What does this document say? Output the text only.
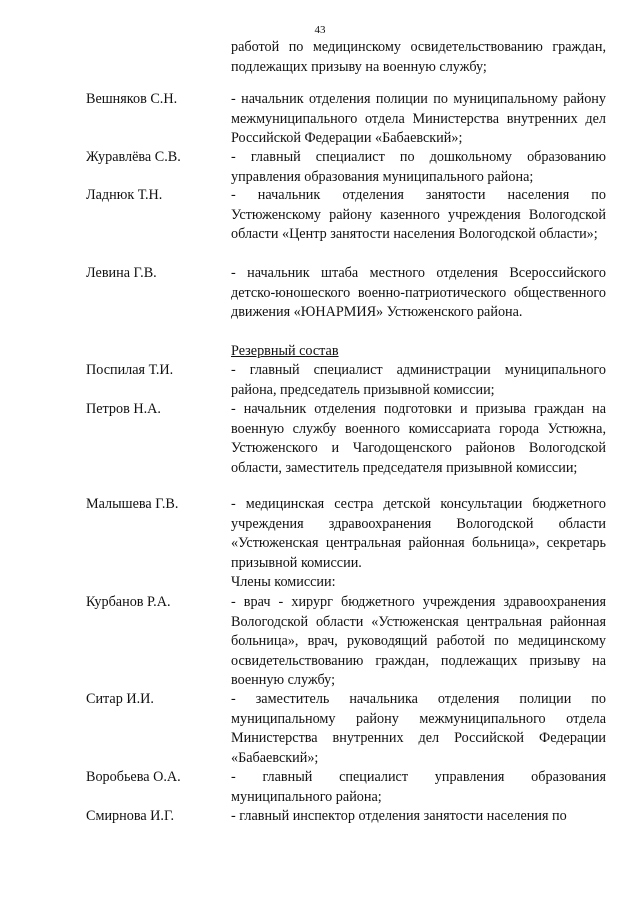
43
работой по медицинскому освидетельствованию граждан, подлежащих призыву на военную службу;
Вешняков С.Н.	- начальник отделения полиции по муниципальному району межмуниципального отдела Министерства внутренних дел Российской Федерации «Бабаевский»;
Журавлёва С.В.	- главный специалист по дошкольному образованию управления образования муниципального района;
Ладнюк Т.Н.	- начальник отделения занятости населения по Устюженскому району казенного учреждения Вологодской области «Центр занятости населения Вологодской области»;
Левина Г.В.	- начальник штаба местного отделения Всероссийского детско-юношеского военно-патриотического общественного движения «ЮНАРМИЯ» Устюженского района.
Резервный состав
Поспилая Т.И.	- главный специалист администрации муниципального района, председатель призывной комиссии;
Петров Н.А.	- начальник отделения подготовки и призыва граждан на военную службу военного комиссариата города Устюжна, Устюженского и Чагодощенского районов Вологодской области, заместитель председателя призывной комиссии;
Малышева Г.В.	- медицинская сестра детской консультации бюджетного учреждения здравоохранения Вологодской области «Устюженская центральная районная больница», секретарь призывной комиссии.
Члены комиссии:
Курбанов Р.А.	- врач - хирург бюджетного учреждения здравоохранения Вологодской области «Устюженская центральная районная больница», врач, руководящий работой по медицинскому освидетельствованию граждан, подлежащих призыву на военную службу;
Ситар И.И.	- заместитель начальника отделения полиции по муниципальному району межмуниципального отдела Министерства внутренних дел Российской Федерации «Бабаевский»;
Воробьева О.А.	- главный специалист управления образования муниципального района;
Смирнова И.Г.	- главный инспектор отделения занятости населения по
